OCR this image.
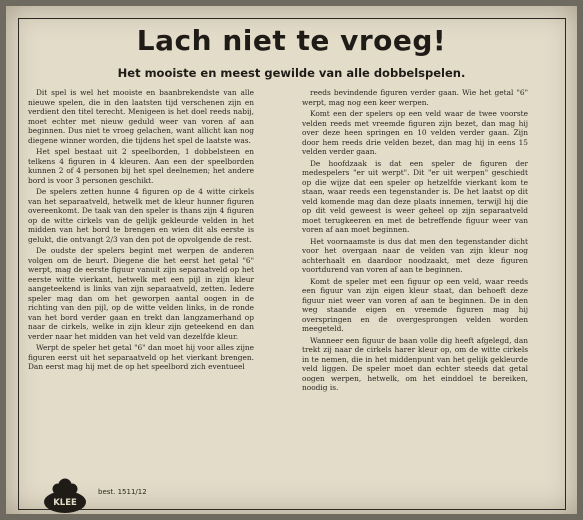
Lach niet te vroeg!
Het mooiste en meest gewilde van alle dobbelspelen.

Dit spel is wel het mooiste en baanbrekendste van alle nieuwe spelen, die in den laatsten tijd verschenen zijn en verdient den titel terecht. Menigeen is het doel reeds nabij, moet echter met nieuw geduld weer van voren af aan beginnen. Dus niet te vroeg gelachen, want allicht kan nog diegene winner worden, die tijdens het spel de laatste was.

Het spel bestaat uit 2 speelborden, 1 dobbelsteen en telkens 4 figuren in 4 kleuren. Aan een der speelborden kunnen 2 of 4 personen bij het spel deelnemen; het andere bord is voor 3 personen geschikt.

De spelers zetten hunne 4 figuren op de 4 witte cirkels van het separaatveld, hetwelk met de kleur hunner figuren overeenkomt. De taak van den speler is thans zijn 4 figuren op de witte cirkels van de gelijk gekleurde velden in het midden van het bord te brengen en wien dit als eerste is gelukt, die ontvangt 2/3 van den pot de opvolgende de rest.

De oudste der spelers begint met werpen de anderen volgen om de beurt. Diegene die het eerst het getal "6" werpt, mag de eerste figuur vanuit zijn separaatveld op het eerste witte vierkant, hetwelk met een pijl in zijn kleur aangeteekend is links van zijn separaatveld, zetten. Iedere speler mag dan om het geworpen aantal oogen in de richting van den pijl, op de witte velden links, in de ronde van het bord verder gaan en trekt dan langzamerhand op naar de cirkels, welke in zijn kleur zijn geteekend en dan verder naar het midden van het veld van dezelfde kleur.

Werpt de speler het getal "6" dan moet hij voor alles zijne figuren eerst uit het separaatveld op het vierkant brengen. Dan eerst mag hij met de op het speelbord zich eventueel

reeds bevindende figuren verder gaan. Wie het getal "6" werpt, mag nog een keer werpen.

Komt een der spelers op een veld waar de twee voorste velden reeds met vreemde figuren zijn bezet, dan mag hij over deze heen springen en 10 velden verder gaan. Zijn door hem reeds drie velden bezet, dan mag hij in eens 15 velden verder gaan.

De hoofdzaak is dat een speler de figuren der medespelers "er uit werpt". Dit "er uit werpen" geschiedt op die wijze dat een speler op hetzelfde vierkant kom te staan, waar reeds een tegenstander is. De het laatst op dit veld komende mag dan deze plaats innemen, terwijl hij die op dit veld geweest is weer geheel op zijn separaatveld moet terugkeeren en met de betreffende figuur weer van voren af aan moet beginnen.

Het voornaamste is dus dat men den tegenstander dicht voor het overgaan naar de velden van zijn kleur nog achterhaalt en daardoor noodzaakt, met deze figuren voortdurend van voren af aan te beginnen.

Komt de speler met een figuur op een veld, waar reeds een figuur van zijn eigen kleur staat, dan behoeft deze figuur niet weer van voren af aan te beginnen. De in den weg staande eigen en vreemde figuren mag hij overspringen en de overgesprongen velden worden meegeteld.

Wanneer een figuur de baan volle dig heeft afgelegd, dan trekt zij naar de cirkels harer kleur op, om de witte cirkels in te nemen, die in het middenpunt van het gelijk gekleurde veld liggen. De speler moet dan echter steeds dat getal oogen werpen, hetwelk, om het einddoel te bereiken, noodig is.

KLEE
best. 1511/12
